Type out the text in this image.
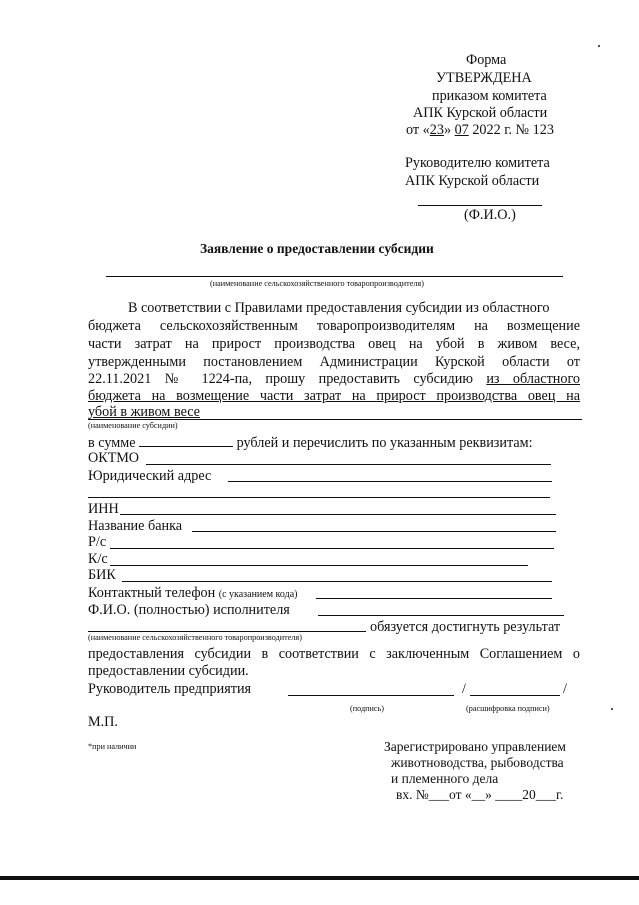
Форма
УТВЕРЖДЕНА
приказом комитета
АПК Курской области
от «23» 07 2022 г. № 123
Руководителю комитета
АПК Курской области
(Ф.И.О.)
Заявление о предоставлении субсидии
(наименование сельскохозяйственного товаропроизводителя)
В соответствии с Правилами предоставления субсидии из областного
бюджета сельскохозяйственным товаропроизводителям на возмещение
части затрат на прирост производства овец на убой в живом весе,
утвержденными постановлением Администрации Курской области от
22.11.2021 № 1224-па, прошу предоставить субсидию из областного
бюджета на возмещение части затрат на прирост производства овец на
убой в живом весе
(наименование субсидии)
в сумме	рублей и перечислить по указанным реквизитам:
ОКТМО
Юридический адрес
ИНН
Название банка
Р/с
К/с
БИК
Контактный телефон (с указанием кода)
Ф.И.О. (полностью) исполнителя
обязуется достигнуть результат
(наименование сельскохозяйственного товаропроизводителя)
предоставления субсидии в соответствии с заключенным Соглашением о
предоставлении субсидии.
Руководитель предприятия	/	/
(подпись)	(расшифровка подписи)
М.П.
*при наличии	Зарегистрировано управлением
животноводства, рыбоводства
и племенного дела
вх. №___от «__» ____20___г.
